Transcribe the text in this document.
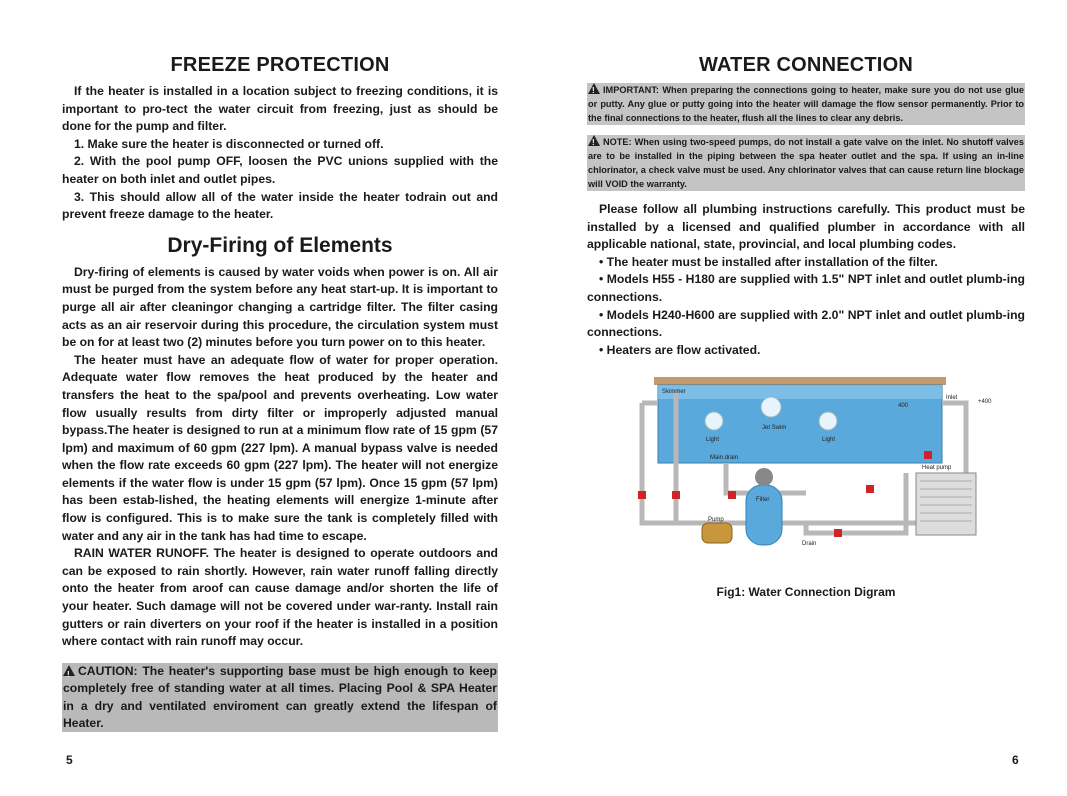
FREEZE PROTECTION

If the heater is installed in a location subject to freezing conditions, it is important to pro-tect the water circuit from freezing, just as should be done for the pump and filter.

1. Make sure the heater is disconnected or turned off.

2. With the pool pump OFF, loosen the PVC unions supplied with the heater on both inlet and outlet pipes.

3. This should allow all of the water inside the heater todrain out and prevent freeze damage to the heater.

Dry-Firing of Elements

Dry-firing of elements is caused by water voids when power is on. All air must be purged from the system before any heat start-up. It is important to purge all air after cleaningor changing a cartridge filter. The filter casing acts as an air reservoir during this procedure, the circulation system must be on for at least two (2) minutes before you turn power on to this heater.

The heater must have an adequate flow of water for proper operation. Adequate water flow removes the heat produced by the heater and transfers the heat to the spa/pool and prevents overheating. Low water flow usually results from dirty filter or improperly adjusted manual bypass.The heater is designed to run at a minimum flow rate of 15 gpm (57 lpm) and maximum of 60 gpm (227 lpm). A manual bypass valve is needed when the flow rate exceeds 60 gpm (227 lpm). The heater will not energize elements if the water flow is under 15 gpm (57 lpm). Once 15 gpm (57 lpm) has been estab-lished, the heating elements will energize 1-minute after flow is configured. This is to make sure the tank is completely filled with water and any air in the tank has had time to escape.

RAIN WATER RUNOFF. The heater is designed to operate outdoors and can be exposed to rain shortly. However, rain water runoff falling directly onto the heater from aroof can cause damage and/or shorten the life of your heater. Such damage will not be covered under war-ranty. Install rain gutters or rain diverters on your roof if the heater is installed in a position where contact with rain runoff may occur.

!CAUTION: The heater's supporting base must be high enough to keep completely free of standing water at all times. Placing Pool & SPA Heater in a dry and ventilated enviroment can greatly extend the lifespan of Heater.
WATER CONNECTION
!IMPORTANT: When preparing the connections going to heater, make sure you do not use glue or putty. Any glue or putty going into the heater will damage the flow sensor permanently. Prior to the final connections to the heater, flush all the lines to clear any debris.
!NOTE: When using two-speed pumps, do not install a gate valve on the inlet. No shutoff valves are to be installed in the piping between the spa heater outlet and the spa. If using an in-line chlorinator, a check valve must be used. Any chlorinator valves that can cause return line blockage will VOID the warranty.

Please follow all plumbing instructions carefully. This product must be installed by a licensed and qualified plumber in accordance with all applicable national, state, provincial, and local plumbing codes.

• The heater must be installed after installation of the filter.

• Models H55 - H180 are supplied with 1.5" NPT inlet and outlet plumb-ing connections.

• Models H240-H600 are supplied with 2.0" NPT inlet and outlet plumb-ing connections.

• Heaters are flow activated.

Skimmer
Inlet
Jet Swim
Light	Light
Main drain
Heat pump
Filter
Pump
Drain
400
+400
Fig1: Water Connection Digram
5	6
